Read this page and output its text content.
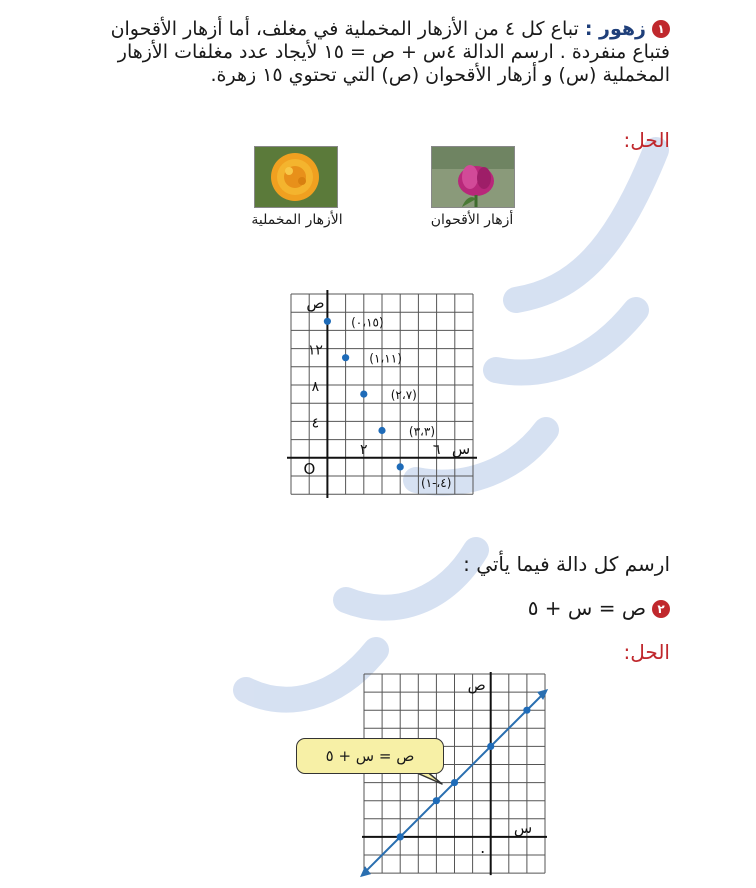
١زهور : تباع كل ٤ من الأزهار المخملية في مغلف، أما أزهار الأقحوان فتباع منفردة . ارسم الدالة ٤س + ص = ١٥ لأيجاد عدد مغلفات الأزهار المخملية (س) و أزهار الأقحوان (ص) التي تحتوي ١٥ زهرة.
الحل:
أزهار الأقحوان
الأزهار المخملية
ص
س
O
٤
٨
١٢
٢	٦
(٠،١٥)
(١،١١)
(٢،٧)
(٣،٣)
(٤،-١)
ارسم كل دالة فيما يأتي :
٢ص = س + ٥
الحل:
ص
س
.
ص = س + ٥
